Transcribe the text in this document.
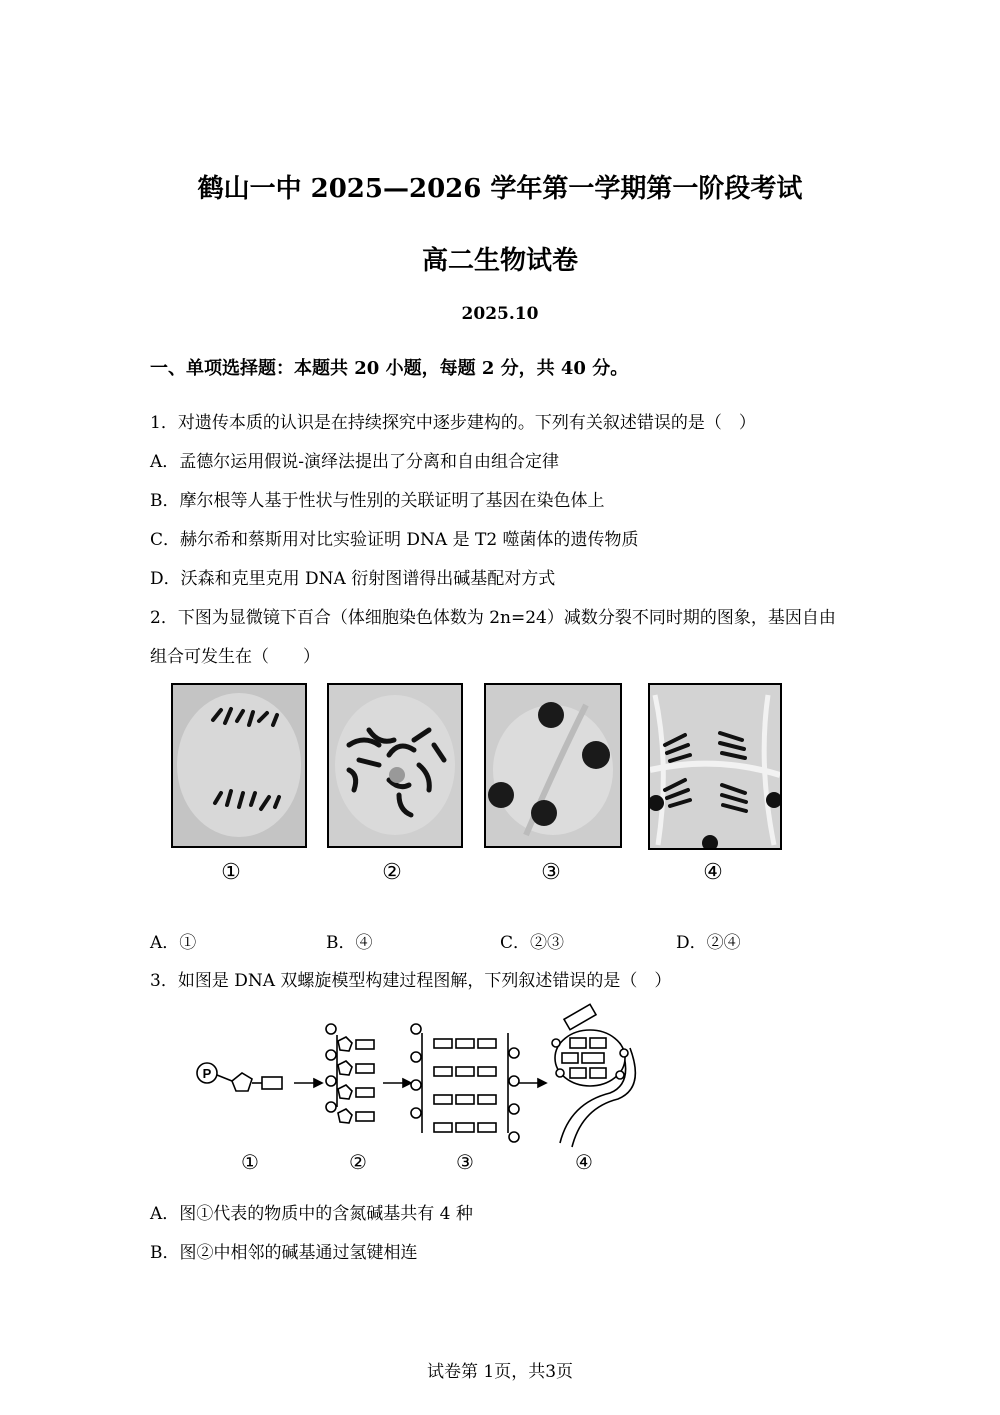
鹤山一中 2025—2026 学年第一学期第一阶段考试
高二生物试卷
2025.10
一、单项选择题：本题共 20 小题，每题 2 分，共 40 分。
1．对遗传本质的认识是在持续探究中逐步建构的。下列有关叙述错误的是（　）
A．孟德尔运用假说-演绎法提出了分离和自由组合定律
B．摩尔根等人基于性状与性别的关联证明了基因在染色体上
C．赫尔希和蔡斯用对比实验证明 DNA 是 T2 噬菌体的遗传物质
D．沃森和克里克用 DNA 衍射图谱得出碱基配对方式
2．下图为显微镜下百合（体细胞染色体数为 2n=24）减数分裂不同时期的图象，基因自由
组合可发生在（　　）
①	②	③	④
A．①	B．④	C．②③	D．②④
3．如图是 DNA 双螺旋模型构建过程图解，下列叙述错误的是（　）
P
①	②	③	④
A．图①代表的物质中的含氮碱基共有 4 种
B．图②中相邻的碱基通过氢键相连
试卷第 1页，共3页
